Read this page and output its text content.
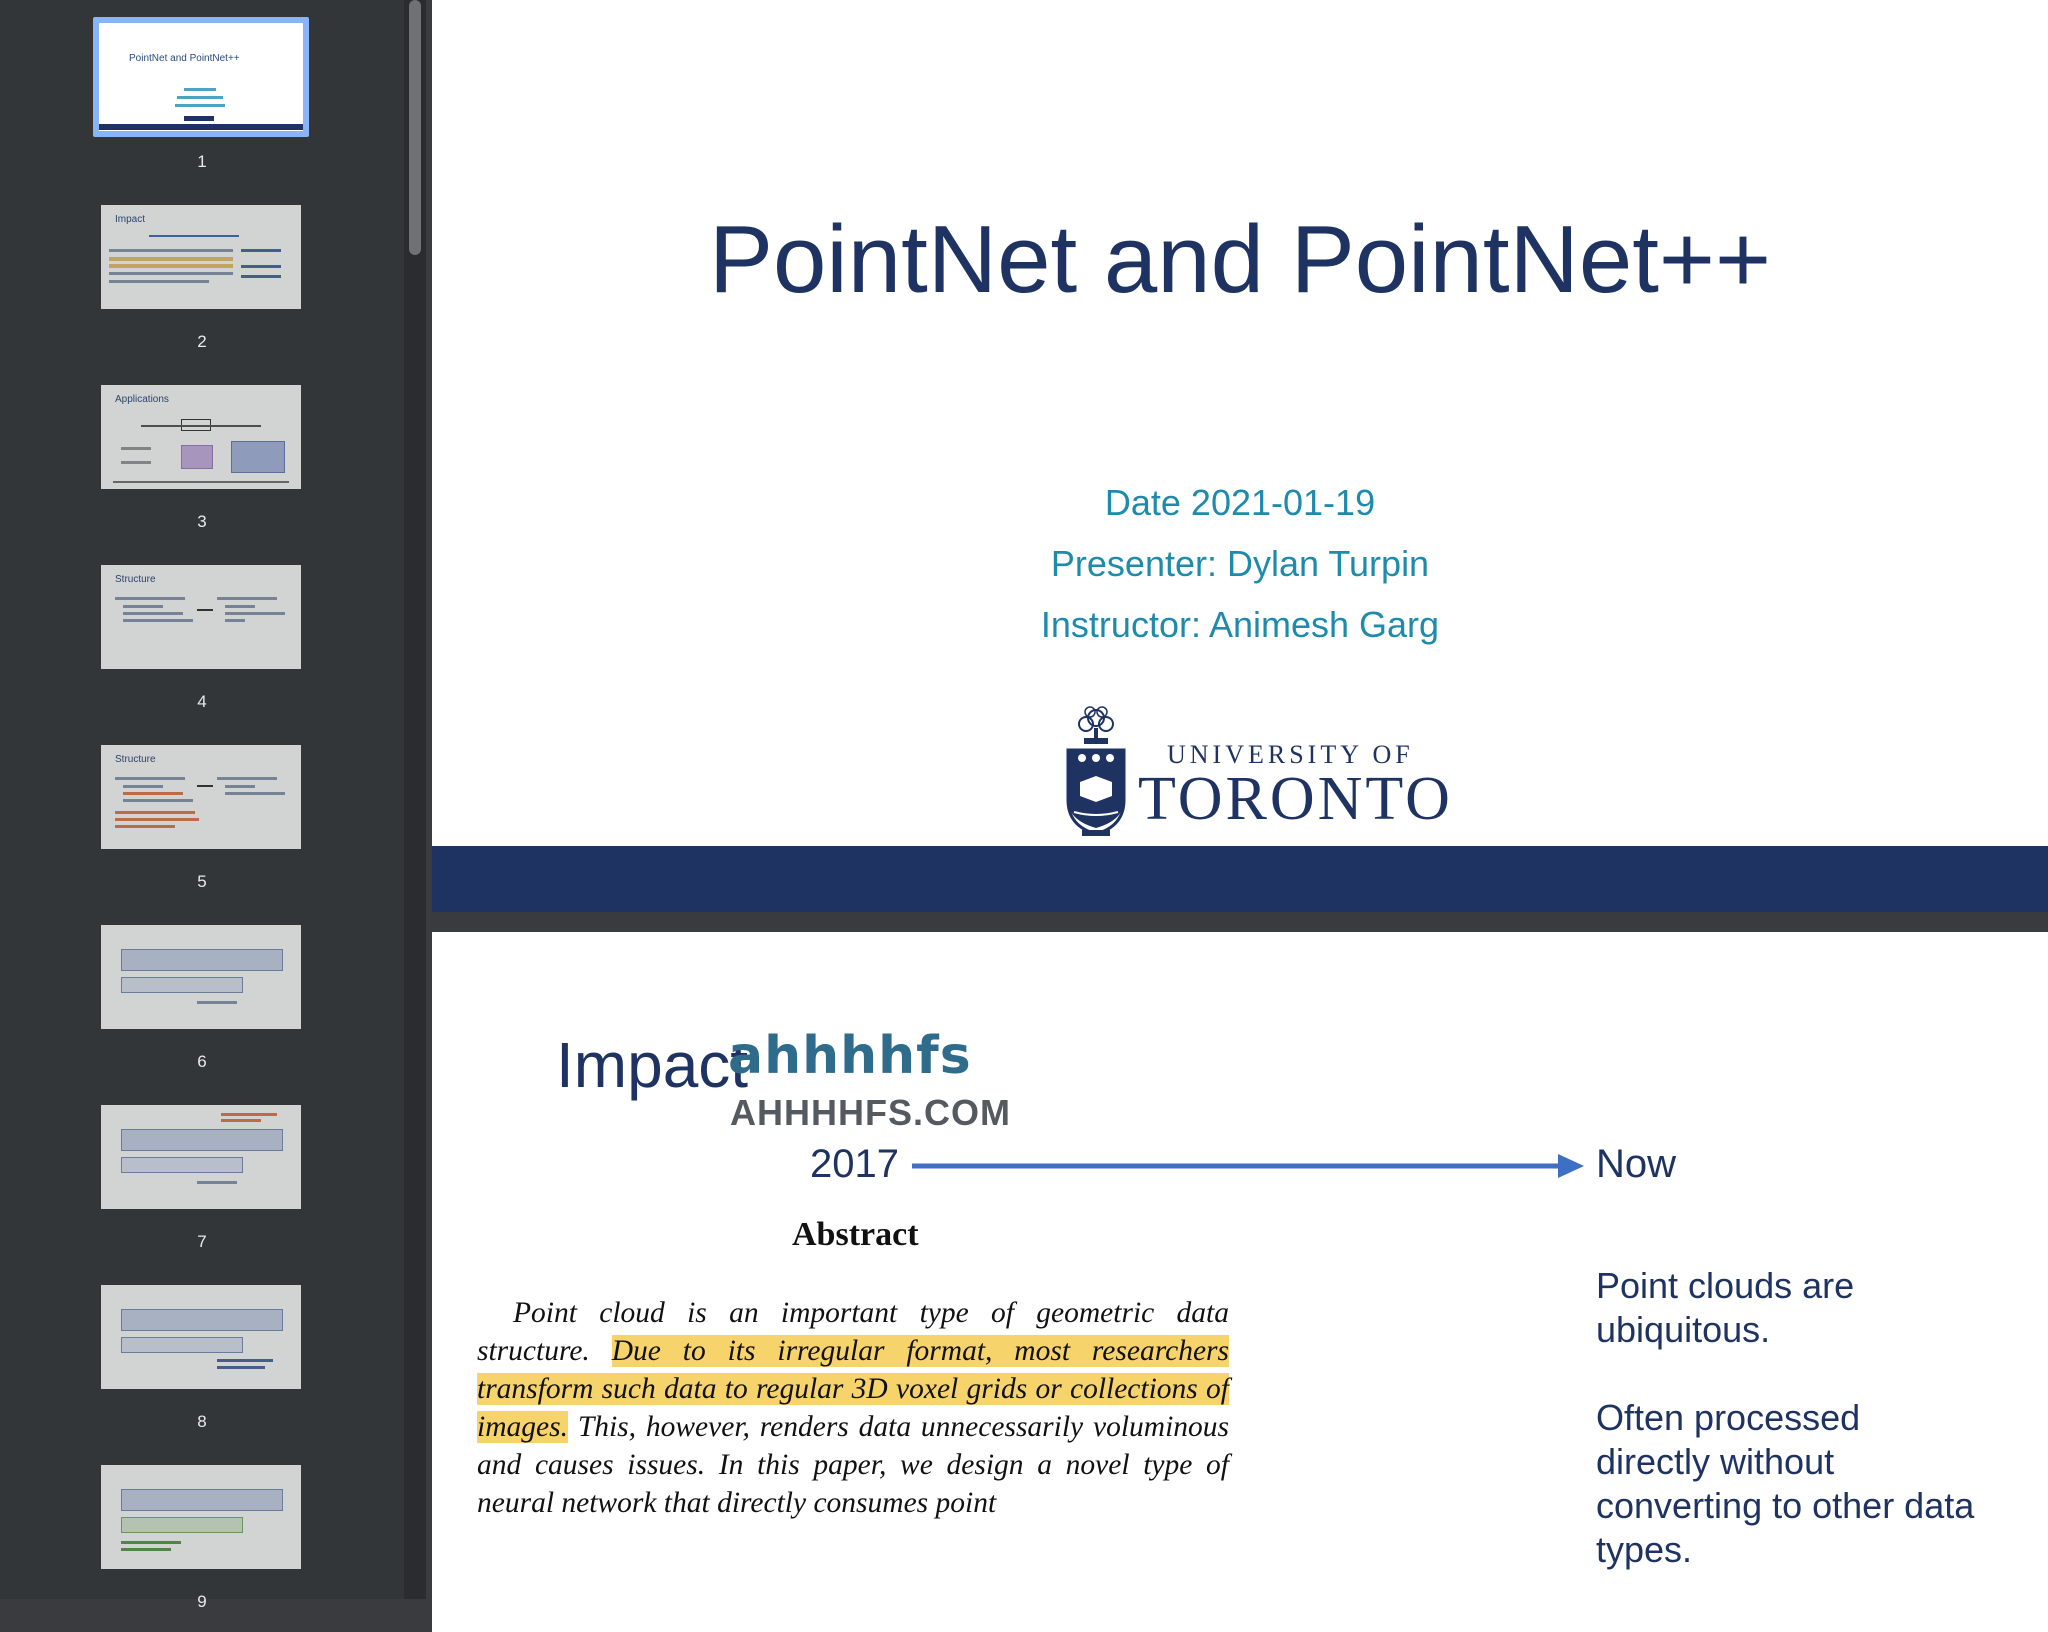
PointNet and PointNet++
1
Impact
2
Applications
3
Structure
4
Structure
5
6
7
8
9
PointNet and PointNet++
Date 2021-01-19
Presenter: Dylan Turpin
Instructor: Animesh Garg
UNIVERSITY OF
TORONTO
Impact
ahhhhfs
AHHHHFS.COM
2017	Now
Abstract
Point cloud is an important type of geometric data structure. Due to its irregular format, most researchers transform such data to regular 3D voxel grids or collections of images. This, however, renders data unnecessarily voluminous and causes issues. In this paper, we design a novel type of neural network that directly consumes point
Point clouds are ubiquitous.
Often processed directly without converting to other data types.
